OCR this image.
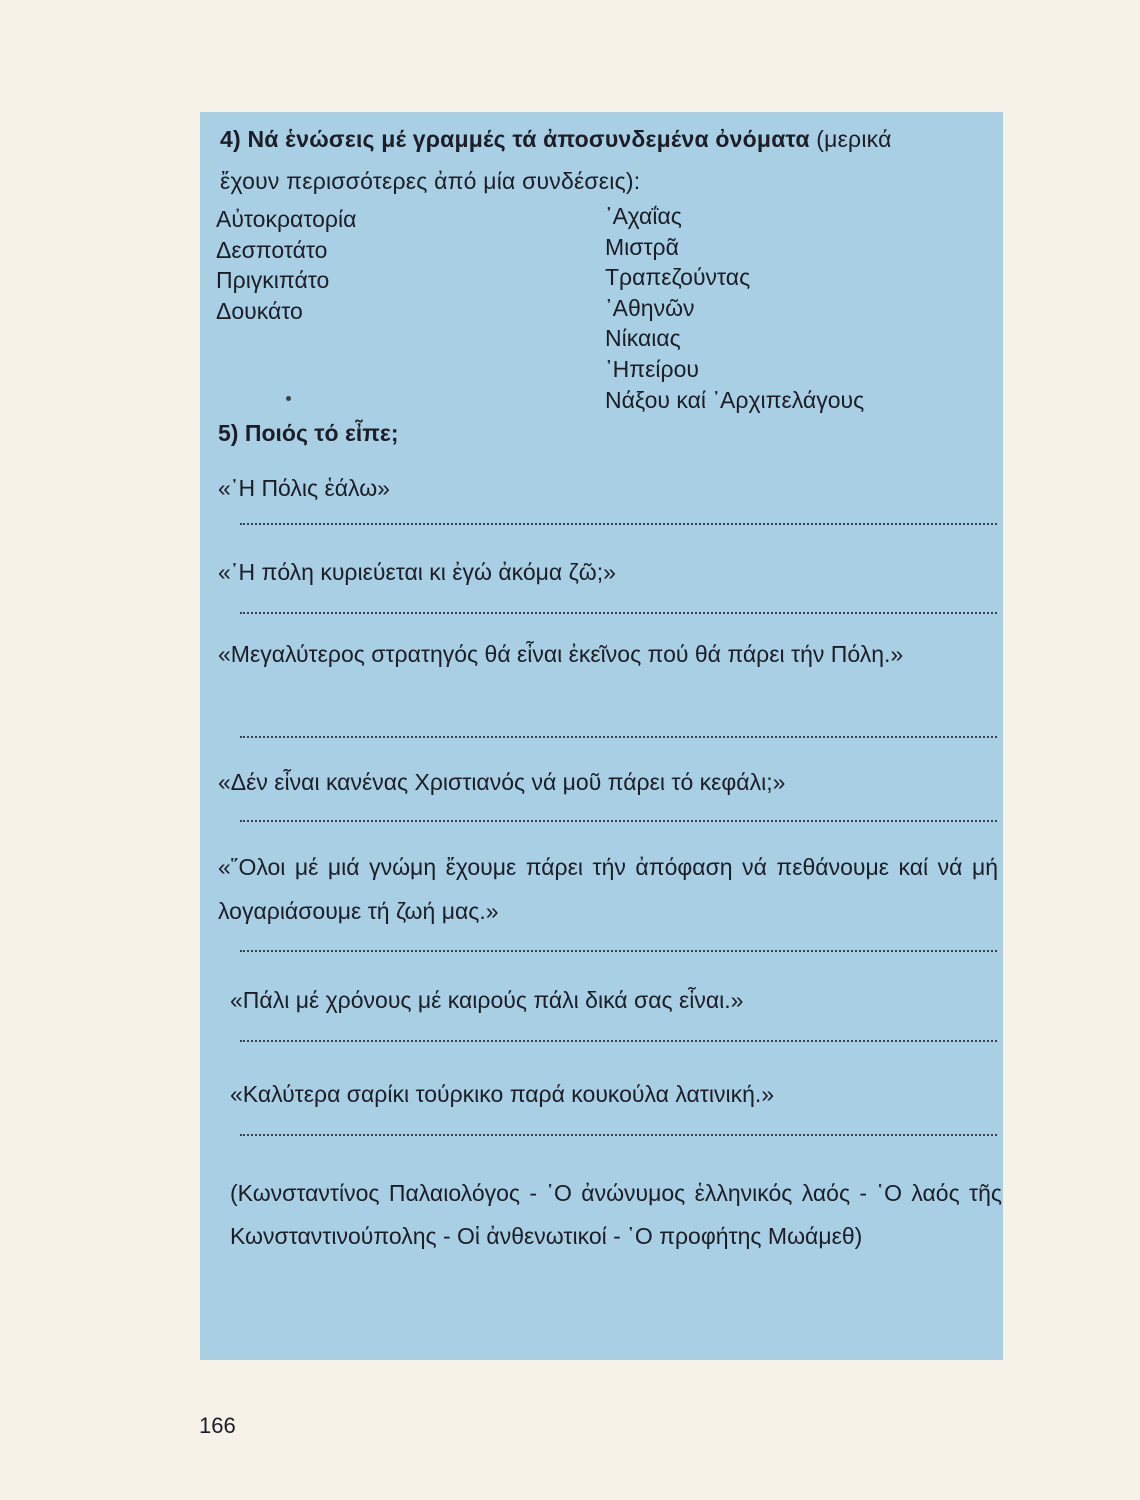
4) Νά ἑνώσεις μέ γραμμές τά ἀποσυνδεμένα ὀνόματα (μερικά
ἔχουν περισσότερες ἀπό μία συνδέσεις):
Αὐτοκρατορία
Δεσποτάτο
Πριγκιπάτο
Δουκάτο
᾿Αχαΐας
Μιστρᾶ
Τραπεζούντας
᾿Αθηνῶν
Νίκαιας
᾿Ηπείρου
Νάξου καί ᾿Αρχιπελάγους
5) Ποιός τό εἶπε;
«῾Η Πόλις ἑάλω»
«῾Η πόλη κυριεύεται κι ἐγώ ἀκόμα ζῶ;»
«Μεγαλύτερος στρατηγός θά εἶναι ἐκεῖνος πού θά πάρει τήν Πόλη.»
«Δέν εἶναι κανένας Χριστιανός νά μοῦ πάρει τό κεφάλι;»
«῞Ολοι μέ μιά γνώμη ἔχουμε πάρει τήν ἀπόφαση νά πεθάνουμε καί νά μή λογαριάσουμε τή ζωή μας.»
«Πάλι μέ χρόνους μέ καιρούς πάλι δικά σας εἶναι.»
«Καλύτερα σαρίκι τούρκικο παρά κουκούλα λατινική.»
(Κωνσταντίνος Παλαιολόγος - ῾Ο ἀνώνυμος ἑλληνικός λαός - ῾Ο λαός τῆς Κωνσταντινούπολης - Οἱ ἀνθενωτικοί - ῾Ο προφήτης Μωάμεθ)
166
